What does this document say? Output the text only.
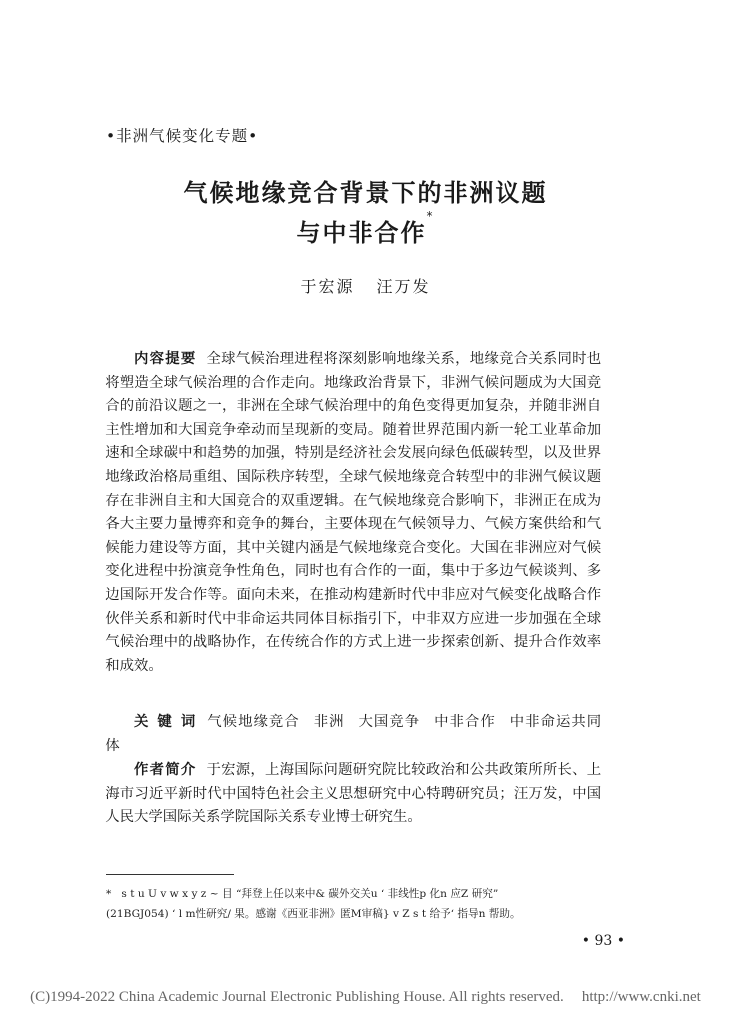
•非洲气候变化专题•
气候地缘竞合背景下的非洲议题
与中非合作*
于宏源 汪万发
内容提要 全球气候治理进程将深刻影响地缘关系，地缘竞合关系同时也将塑造全球气候治理的合作走向。地缘政治背景下，非洲气候问题成为大国竞合的前沿议题之一，非洲在全球气候治理中的角色变得更加复杂，并随非洲自主性增加和大国竞争牵动而呈现新的变局。随着世界范围内新一轮工业革命加速和全球碳中和趋势的加强，特别是经济社会发展向绿色低碳转型，以及世界地缘政治格局重组、国际秩序转型，全球气候地缘竞合转型中的非洲气候议题存在非洲自主和大国竞合的双重逻辑。在气候地缘竞合影响下，非洲正在成为各大主要力量博弈和竞争的舞台，主要体现在气候领导力、气候方案供给和气候能力建设等方面，其中关键内涵是气候地缘竞合变化。大国在非洲应对气候变化进程中扮演竞争性角色，同时也有合作的一面，集中于多边气候谈判、多边国际开发合作等。面向未来，在推动构建新时代中非应对气候变化战略合作伙伴关系和新时代中非命运共同体目标指引下，中非双方应进一步加强在全球气候治理中的战略协作，在传统合作的方式上进一步探索创新、提升合作效率和成效。
关 键 词 气候地缘竞合 非洲 大国竞争 中非合作 中非命运共同体
作者简介 于宏源，上海国际问题研究院比较政治和公共政策所所长、上海市习近平新时代中国特色社会主义思想研究中心特聘研究员；汪万发，中国人民大学国际关系学院国际关系专业博士研究生。
* s t u U v w x y z ~ 目 “拜登上任以来中& 碳外交关u ‘ 非线性p 化n 应Z 研究”
(21BGJ054) ‘ l m性研究/ 果。感谢《西亚非洲》匿M审稿} v Z s t 给予‘ 指导n 帮助。
• 93 •
(C)1994-2022 China Academic Journal Electronic Publishing House. All rights reserved. http://www.cnki.net
